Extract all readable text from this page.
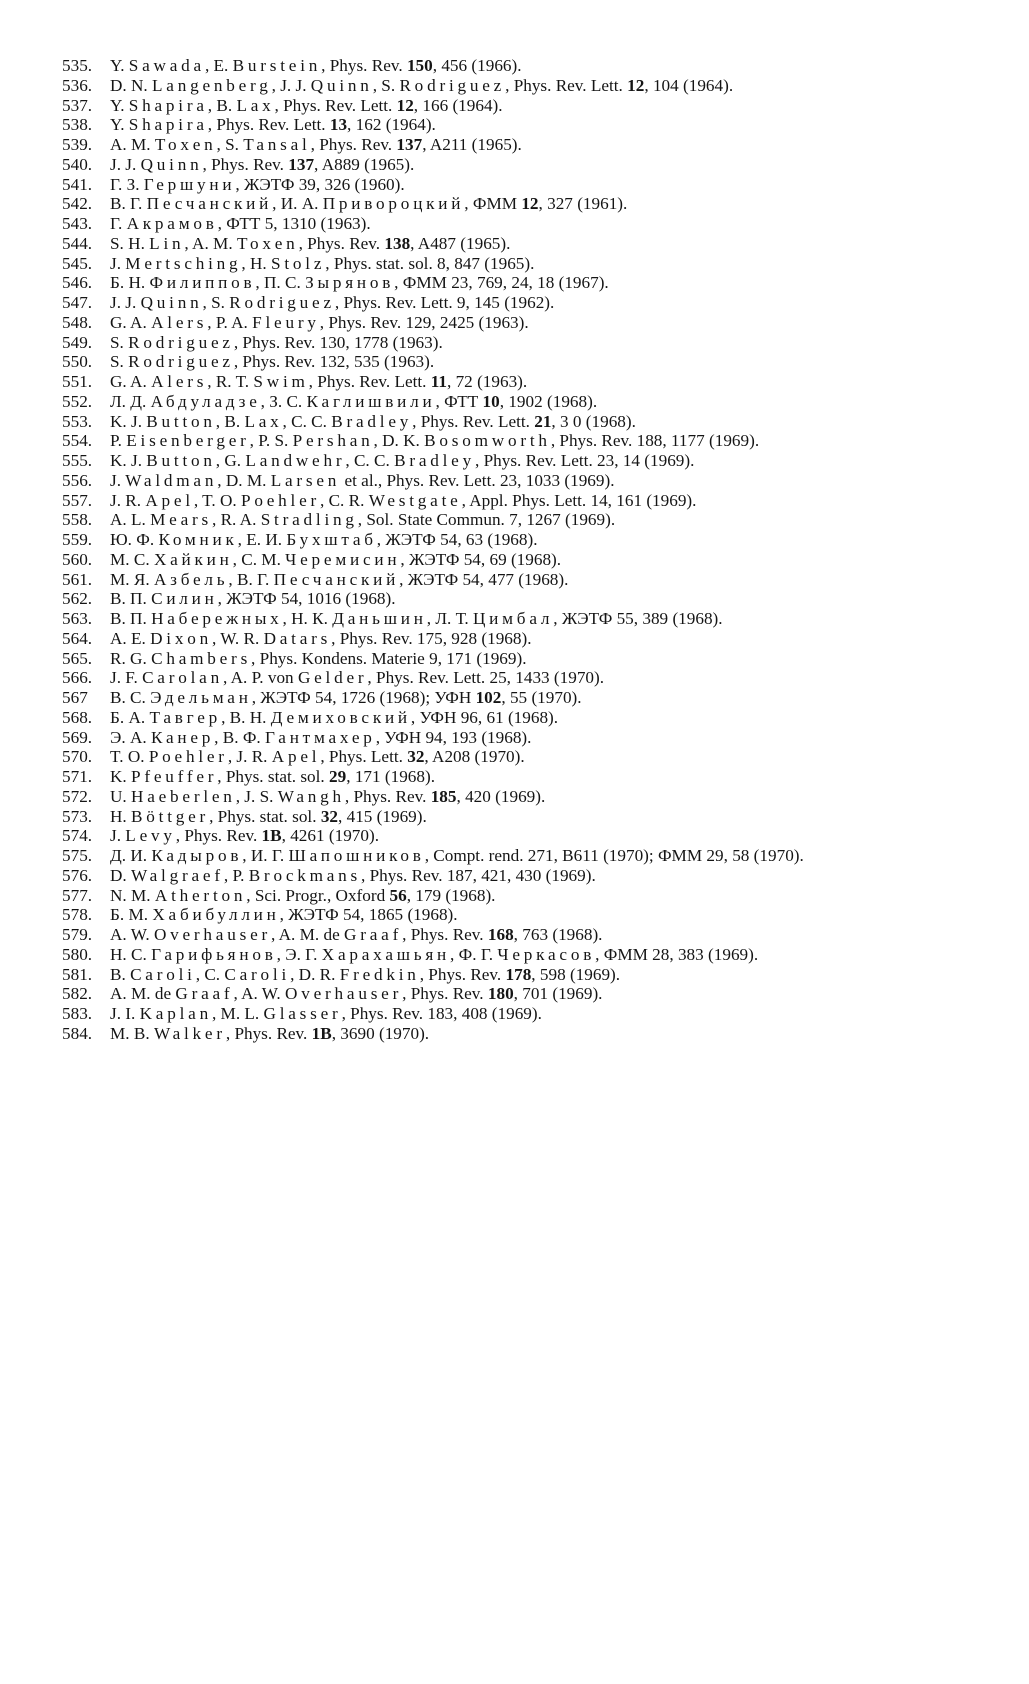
535.	Y. Sawada, E. Burstein, Phys. Rev. 150, 456 (1966).
536.	D. N. Langenberg, J. J. Quinn, S. Rodriguez, Phys. Rev. Lett. 12, 104 (1964).
537.	Y. Shapira, B. Lax, Phys. Rev. Lett. 12, 166 (1964).
538.	Y. Shapira, Phys. Rev. Lett. 13, 162 (1964).
539.	A. M. Toxen, S. Tansal, Phys. Rev. 137, A211 (1965).
540.	J. J. Quinn, Phys. Rev. 137, A889 (1965).
541.	Г. З. Гершуни, ЖЭТФ 39, 326 (1960).
542.	В. Г. Песчанский, И. А. Привороцкий, ФММ 12, 327 (1961).
543.	Г. Акрамов, ФТТ 5, 1310 (1963).
544.	S. H. Lin, A. M. Toxen, Phys. Rev. 138, A487 (1965).
545.	J. Mertsching, H. Stolz, Phys. stat. sol. 8, 847 (1965).
546.	Б. Н. Филиппов, П. С. Зырянов, ФММ 23, 769, 24, 18 (1967).
547.	J. J. Quinn, S. Rodriguez, Phys. Rev. Lett. 9, 145 (1962).
548.	G. A. Alers, P. A. Fleury, Phys. Rev. 129, 2425 (1963).
549.	S. Rodriguez, Phys. Rev. 130, 1778 (1963).
550.	S. Rodriguez, Phys. Rev. 132, 535 (1963).
551.	G. A. Alers, R. T. Swim, Phys. Rev. Lett. 11, 72 (1963).
552.	Л. Д. Абдуладзе, З. С. Каглишвили, ФТТ 10, 1902 (1968).
553.	K. J. Button, B. Lax, C. C. Bradley, Phys. Rev. Lett. 21, 3 0 (1968).
554.	P. Eisenberger, P. S. Pershan, D. K. Bosomworth, Phys. Rev. 188, 1177 (1969).
555.	K. J. Button, G. Landwehr, C. C. Bradley, Phys. Rev. Lett. 23, 14 (1969).
556.	J. Waldman, D. M. Larsen et al., Phys. Rev. Lett. 23, 1033 (1969).
557.	J. R. Apel, T. O. Poehler, C. R. Westgate, Appl. Phys. Lett. 14, 161 (1969).
558.	A. L. Mears, R. A. Stradling, Sol. State Commun. 7, 1267 (1969).
559.	Ю. Ф. Комник, Е. И. Бухштаб, ЖЭТФ 54, 63 (1968).
560.	М. С. Хайкин, С. М. Черемисин, ЖЭТФ 54, 69 (1968).
561.	М. Я. Азбель, В. Г. Песчанский, ЖЭТФ 54, 477 (1968).
562.	В. П. Силин, ЖЭТФ 54, 1016 (1968).
563.	В. П. Набережных, Н. К. Даньшин, Л. Т. Цимбал, ЖЭТФ 55, 389 (1968).
564.	A. E. Dixon, W. R. Datars, Phys. Rev. 175, 928 (1968).
565.	R. G. Chambers, Phys. Kondens. Materie 9, 171 (1969).
566.	J. F. Carolan, A. P. von Gelder, Phys. Rev. Lett. 25, 1433 (1970).
567	В. С. Эдельман, ЖЭТФ 54, 1726 (1968); УФН 102, 55 (1970).
568.	Б. А. Тавгер, В. Н. Демиховский, УФН 96, 61 (1968).
569.	Э. А. Канер, В. Ф. Гантмахер, УФН 94, 193 (1968).
570.	T. O. Poehler, J. R. Apel, Phys. Lett. 32, A208 (1970).
571.	K. Pfeuffer, Phys. stat. sol. 29, 171 (1968).
572.	U. Haeberlen, J. S. Wangh, Phys. Rev. 185, 420 (1969).
573.	H. Böttger, Phys. stat. sol. 32, 415 (1969).
574.	J. Levy, Phys. Rev. 1B, 4261 (1970).
575.	Д. И. Кадыров, И. Г. Шапошников, Compt. rend. 271, B611 (1970); ФММ 29, 58 (1970).
576.	D. Walgraef, P. Brockmans, Phys. Rev. 187, 421, 430 (1969).
577.	N. M. Atherton, Sci. Progr., Oxford 56, 179 (1968).
578.	Б. М. Хабибуллин, ЖЭТФ 54, 1865 (1968).
579.	A. W. Overhauser, A. M. de Graaf, Phys. Rev. 168, 763 (1968).
580.	Н. С. Гарифьянов, Э. Г. Харахашьян, Ф. Г. Черкасов, ФММ 28, 383 (1969).
581.	B. Caroli, C. Caroli, D. R. Fredkin, Phys. Rev. 178, 598 (1969).
582.	A. M. de Graaf, A. W. Overhauser, Phys. Rev. 180, 701 (1969).
583.	J. I. Kaplan, M. L. Glasser, Phys. Rev. 183, 408 (1969).
584.	M. B. Walker, Phys. Rev. 1B, 3690 (1970).
